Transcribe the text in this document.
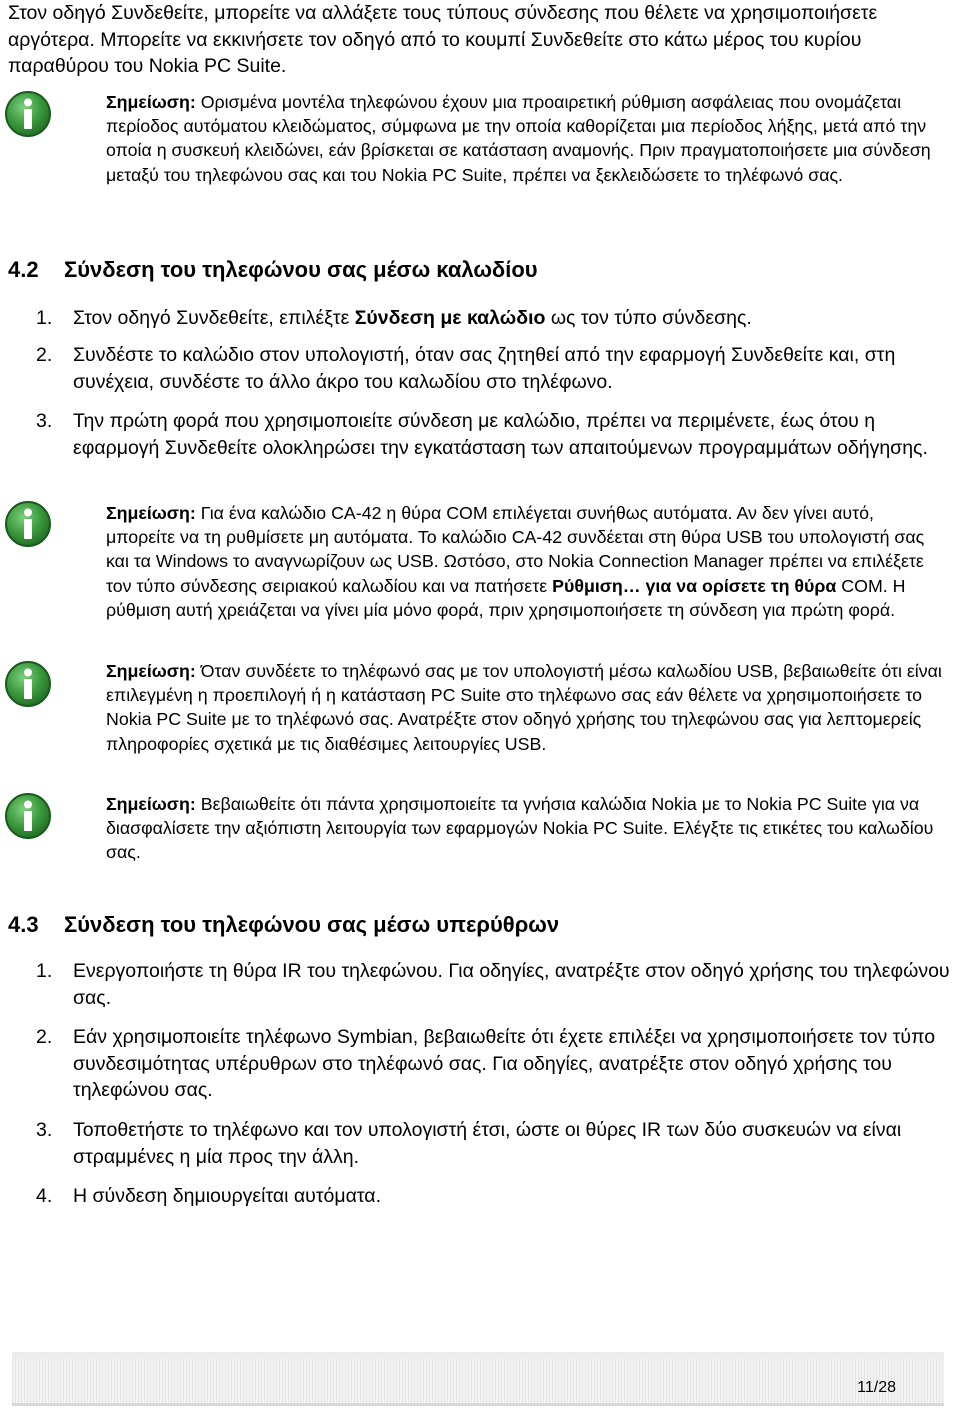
Στον οδηγό Συνδεθείτε, μπορείτε να αλλάξετε τους τύπους σύνδεσης που θέλετε να χρησιμοποιήσετε αργότερα. Μπορείτε να εκκινήσετε τον οδηγό από το κουμπί Συνδεθείτε στο κάτω μέρος του κυρίου παραθύρου του Nokia PC Suite.
Σημείωση: Ορισμένα μοντέλα τηλεφώνου έχουν μια προαιρετική ρύθμιση ασφάλειας που ονομάζεται περίοδος αυτόματου κλειδώματος, σύμφωνα με την οποία καθορίζεται μια περίοδος λήξης, μετά από την οποία η συσκευή κλειδώνει, εάν βρίσκεται σε κατάσταση αναμονής. Πριν πραγματοποιήσετε μια σύνδεση μεταξύ του τηλεφώνου σας και του Nokia PC Suite, πρέπει να ξεκλειδώσετε το τηλέφωνό σας.
4.2 Σύνδεση του τηλεφώνου σας μέσω καλωδίου
1. Στον οδηγό Συνδεθείτε, επιλέξτε Σύνδεση με καλώδιο ως τον τύπο σύνδεσης.
2. Συνδέστε το καλώδιο στον υπολογιστή, όταν σας ζητηθεί από την εφαρμογή Συνδεθείτε και, στη συνέχεια, συνδέστε το άλλο άκρο του καλωδίου στο τηλέφωνο.
3. Την πρώτη φορά που χρησιμοποιείτε σύνδεση με καλώδιο, πρέπει να περιμένετε, έως ότου η εφαρμογή Συνδεθείτε ολοκληρώσει την εγκατάσταση των απαιτούμενων προγραμμάτων οδήγησης.
Σημείωση: Για ένα καλώδιο CA-42 η θύρα COM επιλέγεται συνήθως αυτόματα. Αν δεν γίνει αυτό, μπορείτε να τη ρυθμίσετε μη αυτόματα. Το καλώδιο CA-42 συνδέεται στη θύρα USB του υπολογιστή σας και τα Windows το αναγνωρίζουν ως USB. Ωστόσο, στο Nokia Connection Manager πρέπει να επιλέξετε τον τύπο σύνδεσης σειριακού καλωδίου και να πατήσετε Ρύθμιση… για να ορίσετε τη θύρα COM. Η ρύθμιση αυτή χρειάζεται να γίνει μία μόνο φορά, πριν χρησιμοποιήσετε τη σύνδεση για πρώτη φορά.
Σημείωση: Όταν συνδέετε το τηλέφωνό σας με τον υπολογιστή μέσω καλωδίου USB, βεβαιωθείτε ότι είναι επιλεγμένη η προεπιλογή ή η κατάσταση PC Suite στο τηλέφωνο σας εάν θέλετε να χρησιμοποιήσετε το Nokia PC Suite με το τηλέφωνό σας. Ανατρέξτε στον οδηγό χρήσης του τηλεφώνου σας για λεπτομερείς πληροφορίες σχετικά με τις διαθέσιμες λειτουργίες USB.
Σημείωση: Βεβαιωθείτε ότι πάντα χρησιμοποιείτε τα γνήσια καλώδια Nokia με το Nokia PC Suite για να διασφαλίσετε την αξιόπιστη λειτουργία των εφαρμογών Nokia PC Suite. Ελέγξτε τις ετικέτες του καλωδίου σας.
4.3 Σύνδεση του τηλεφώνου σας μέσω υπερύθρων
1. Ενεργοποιήστε τη θύρα IR του τηλεφώνου. Για οδηγίες, ανατρέξτε στον οδηγό χρήσης του τηλεφώνου σας.
2. Εάν χρησιμοποιείτε τηλέφωνο Symbian, βεβαιωθείτε ότι έχετε επιλέξει να χρησιμοποιήσετε τον τύπο συνδεσιμότητας υπέρυθρων στο τηλέφωνό σας. Για οδηγίες, ανατρέξτε στον οδηγό χρήσης του τηλεφώνου σας.
3. Τοποθετήστε το τηλέφωνο και τον υπολογιστή έτσι, ώστε οι θύρες IR των δύο συσκευών να είναι στραμμένες η μία προς την άλλη.
4. Η σύνδεση δημιουργείται αυτόματα.
11/28
